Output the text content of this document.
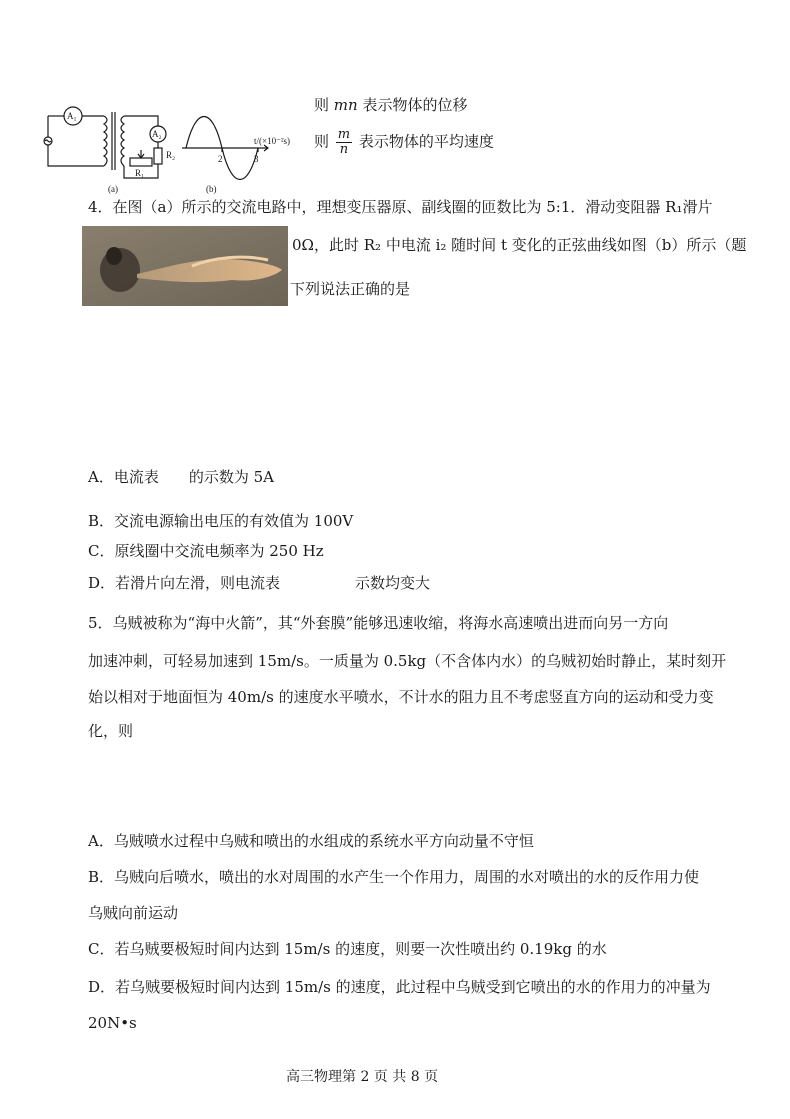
则 mn 表示物体的位移
则 $\frac{m}{n}$ 表示物体的平均速度
A₁
A₂
R₁
R₂
t/(×10⁻²s)
2	3
(a)	(b)
4．在图（a）所示的交流电路中，理想变压器原、副线圈的匝数比为 5:1．滑动变阻器 R₁滑片
0Ω，此时 R₂ 中电流 i₂ 随时间 t 变化的正弦曲线如图（b）所示（题
下列说法正确的是
A．电流表　　的示数为 5A
B．交流电源输出电压的有效值为 100V
C．原线圈中交流电频率为 250 Hz
D．若滑片向左滑，则电流表　　　　　示数均变大
5．乌贼被称为“海中火箭”，其“外套膜”能够迅速收缩，将海水高速喷出进而向另一方向
加速冲刺，可轻易加速到 15m/s。一质量为 0.5kg（不含体内水）的乌贼初始时静止，某时刻开
始以相对于地面恒为 40m/s 的速度水平喷水，不计水的阻力且不考虑竖直方向的运动和受力变
化，则
A．乌贼喷水过程中乌贼和喷出的水组成的系统水平方向动量不守恒
B．乌贼向后喷水，喷出的水对周围的水产生一个作用力，周围的水对喷出的水的反作用力使
乌贼向前运动
C．若乌贼要极短时间内达到 15m/s 的速度，则要一次性喷出约 0.19kg 的水
D．若乌贼要极短时间内达到 15m/s 的速度，此过程中乌贼受到它喷出的水的作用力的冲量为
20N•s
高三物理第 2 页 共 8 页
